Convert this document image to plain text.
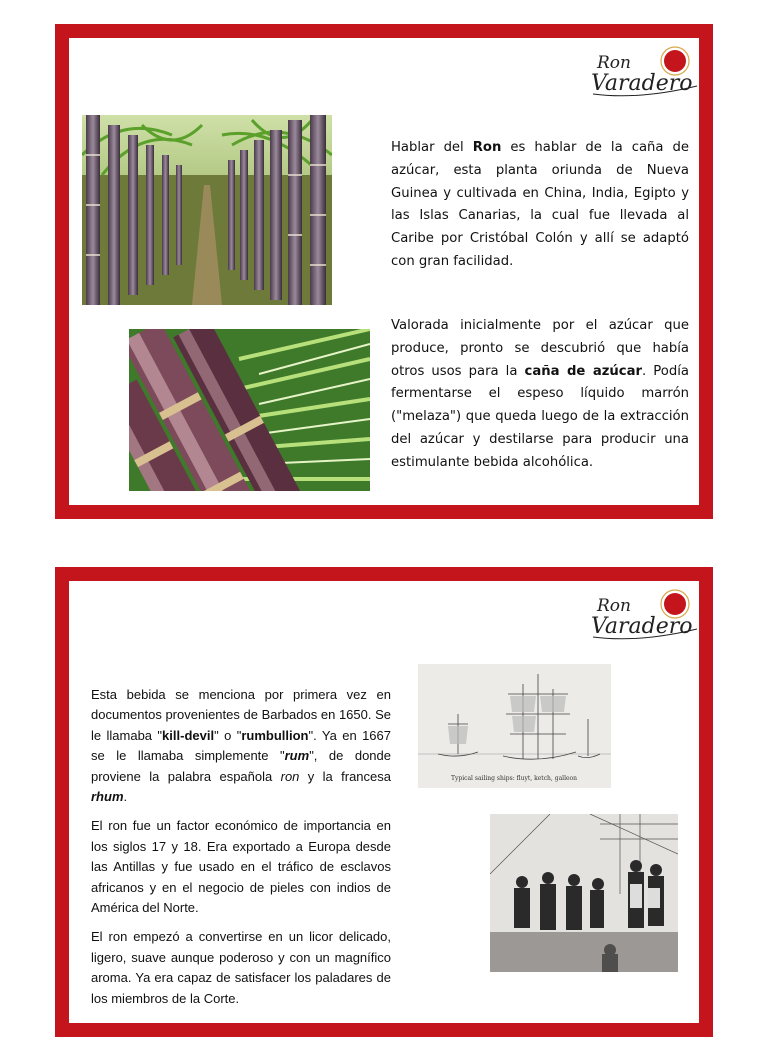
Ron
Varadero
Hablar del Ron es hablar de la caña de azúcar, esta planta oriunda de Nueva Guinea y cultivada en China, India, Egipto y las Islas Canarias, la cual fue llevada al Caribe por Cristóbal Colón y allí se adaptó con gran facilidad.
Valorada inicialmente por el azúcar que produce, pronto se descubrió que había otros usos para la caña de azúcar. Podía fermentarse el espeso líquido marrón ("melaza") que queda luego de la extracción del azúcar y destilarse para producir una estimulante bebida alcohólica.
Ron
Varadero

Esta bebida se menciona por primera vez en documentos provenientes de Barbados en 1650. Se le llamaba "kill-devil" o "rumbullion". Ya en 1667 se le llamaba simplemente "rum", de donde proviene la palabra española ron y la francesa rhum.

El ron fue un factor económico de importancia en los siglos 17 y 18. Era exportado a Europa desde las Antillas y fue usado en el tráfico de esclavos africanos y en el negocio de pieles con indios de América del Norte.

El ron empezó a convertirse en un licor delicado, ligero, suave aunque poderoso y con un magnífico aroma. Ya era capaz de satisfacer los paladares de los miembros de la Corte.

Typical sailing ships: fluyt, ketch, galleon
